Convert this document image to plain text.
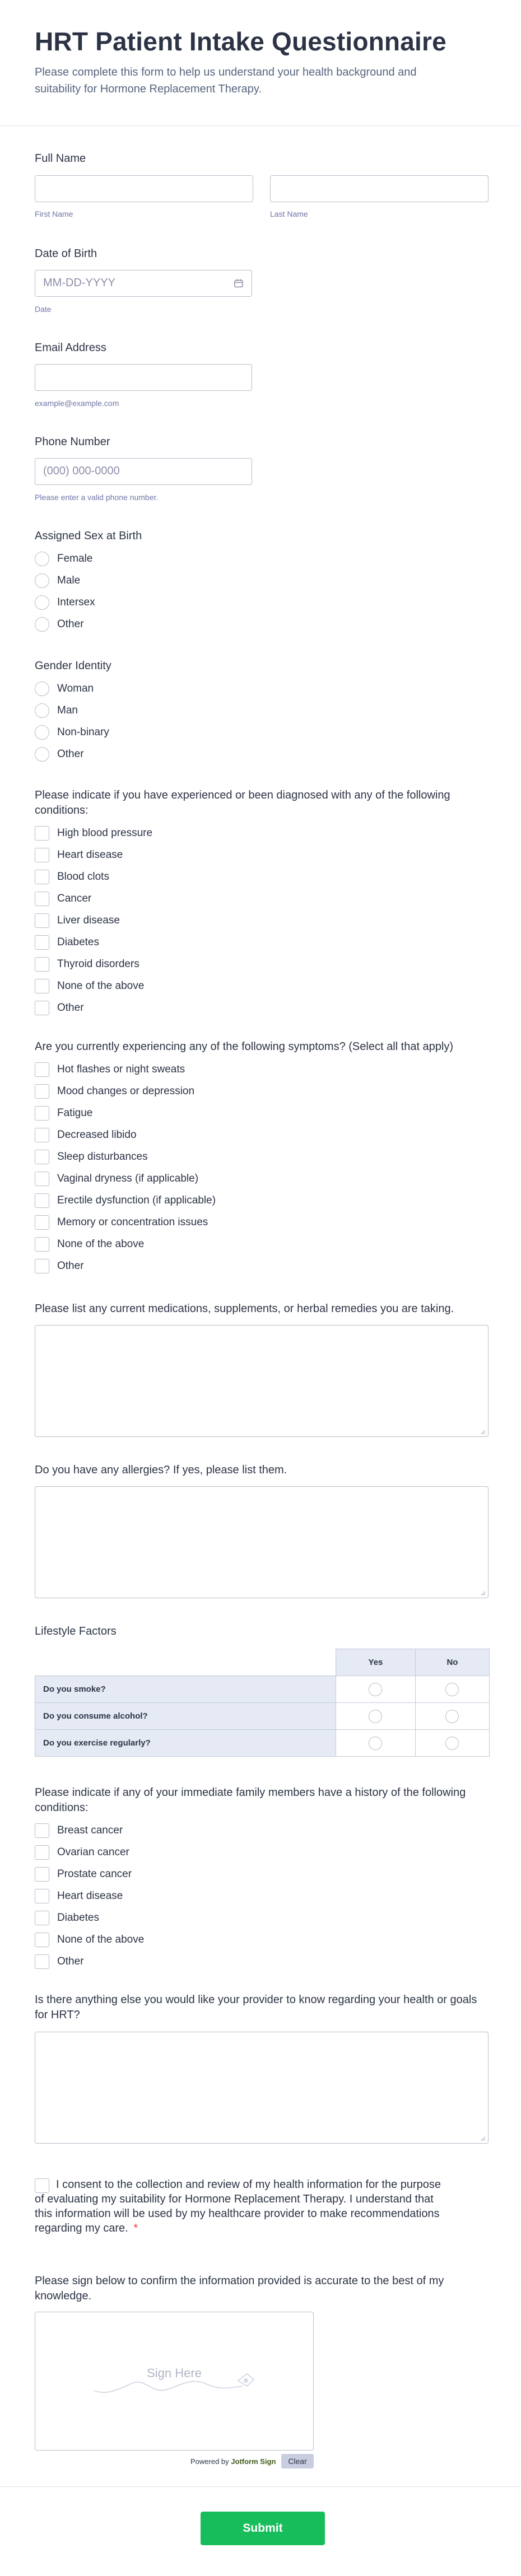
HRT Patient Intake Questionnaire

Please complete this form to help us understand your health background and suitability for Hormone Replacement Therapy.

Full Name
First Name	Last Name
Date of Birth
MM-DD-YYYY
Date
Email Address
example@example.com
Phone Number
(000) 000-0000
Please enter a valid phone number.
Assigned Sex at Birth
Female
Male
Intersex
Other
Gender Identity
Woman
Man
Non-binary
Other
Please indicate if you have experienced or been diagnosed with any of the following conditions:
High blood pressure
Heart disease
Blood clots
Cancer
Liver disease
Diabetes
Thyroid disorders
None of the above
Other
Are you currently experiencing any of the following symptoms? (Select all that apply)
Hot flashes or night sweats
Mood changes or depression
Fatigue
Decreased libido
Sleep disturbances
Vaginal dryness (if applicable)
Erectile dysfunction (if applicable)
Memory or concentration issues
None of the above
Other
Please list any current medications, supplements, or herbal remedies you are taking.
Do you have any allergies? If yes, please list them.
Lifestyle Factors
	Yes	No
Do you smoke?		
Do you consume alcohol?		
Do you exercise regularly?		
Please indicate if any of your immediate family members have a history of the following conditions:
Breast cancer
Ovarian cancer
Prostate cancer
Heart disease
Diabetes
None of the above
Other
Is there anything else you would like your provider to know regarding your health or goals for HRT?
I consent to the collection and review of my health information for the purpose of evaluating my suitability for Hormone Replacement Therapy. I understand that this information will be used by my healthcare provider to make recommendations regarding my care. *
Please sign below to confirm the information provided is accurate to the best of my knowledge.
Sign Here
Powered by Jotform Sign	Clear
Submit
